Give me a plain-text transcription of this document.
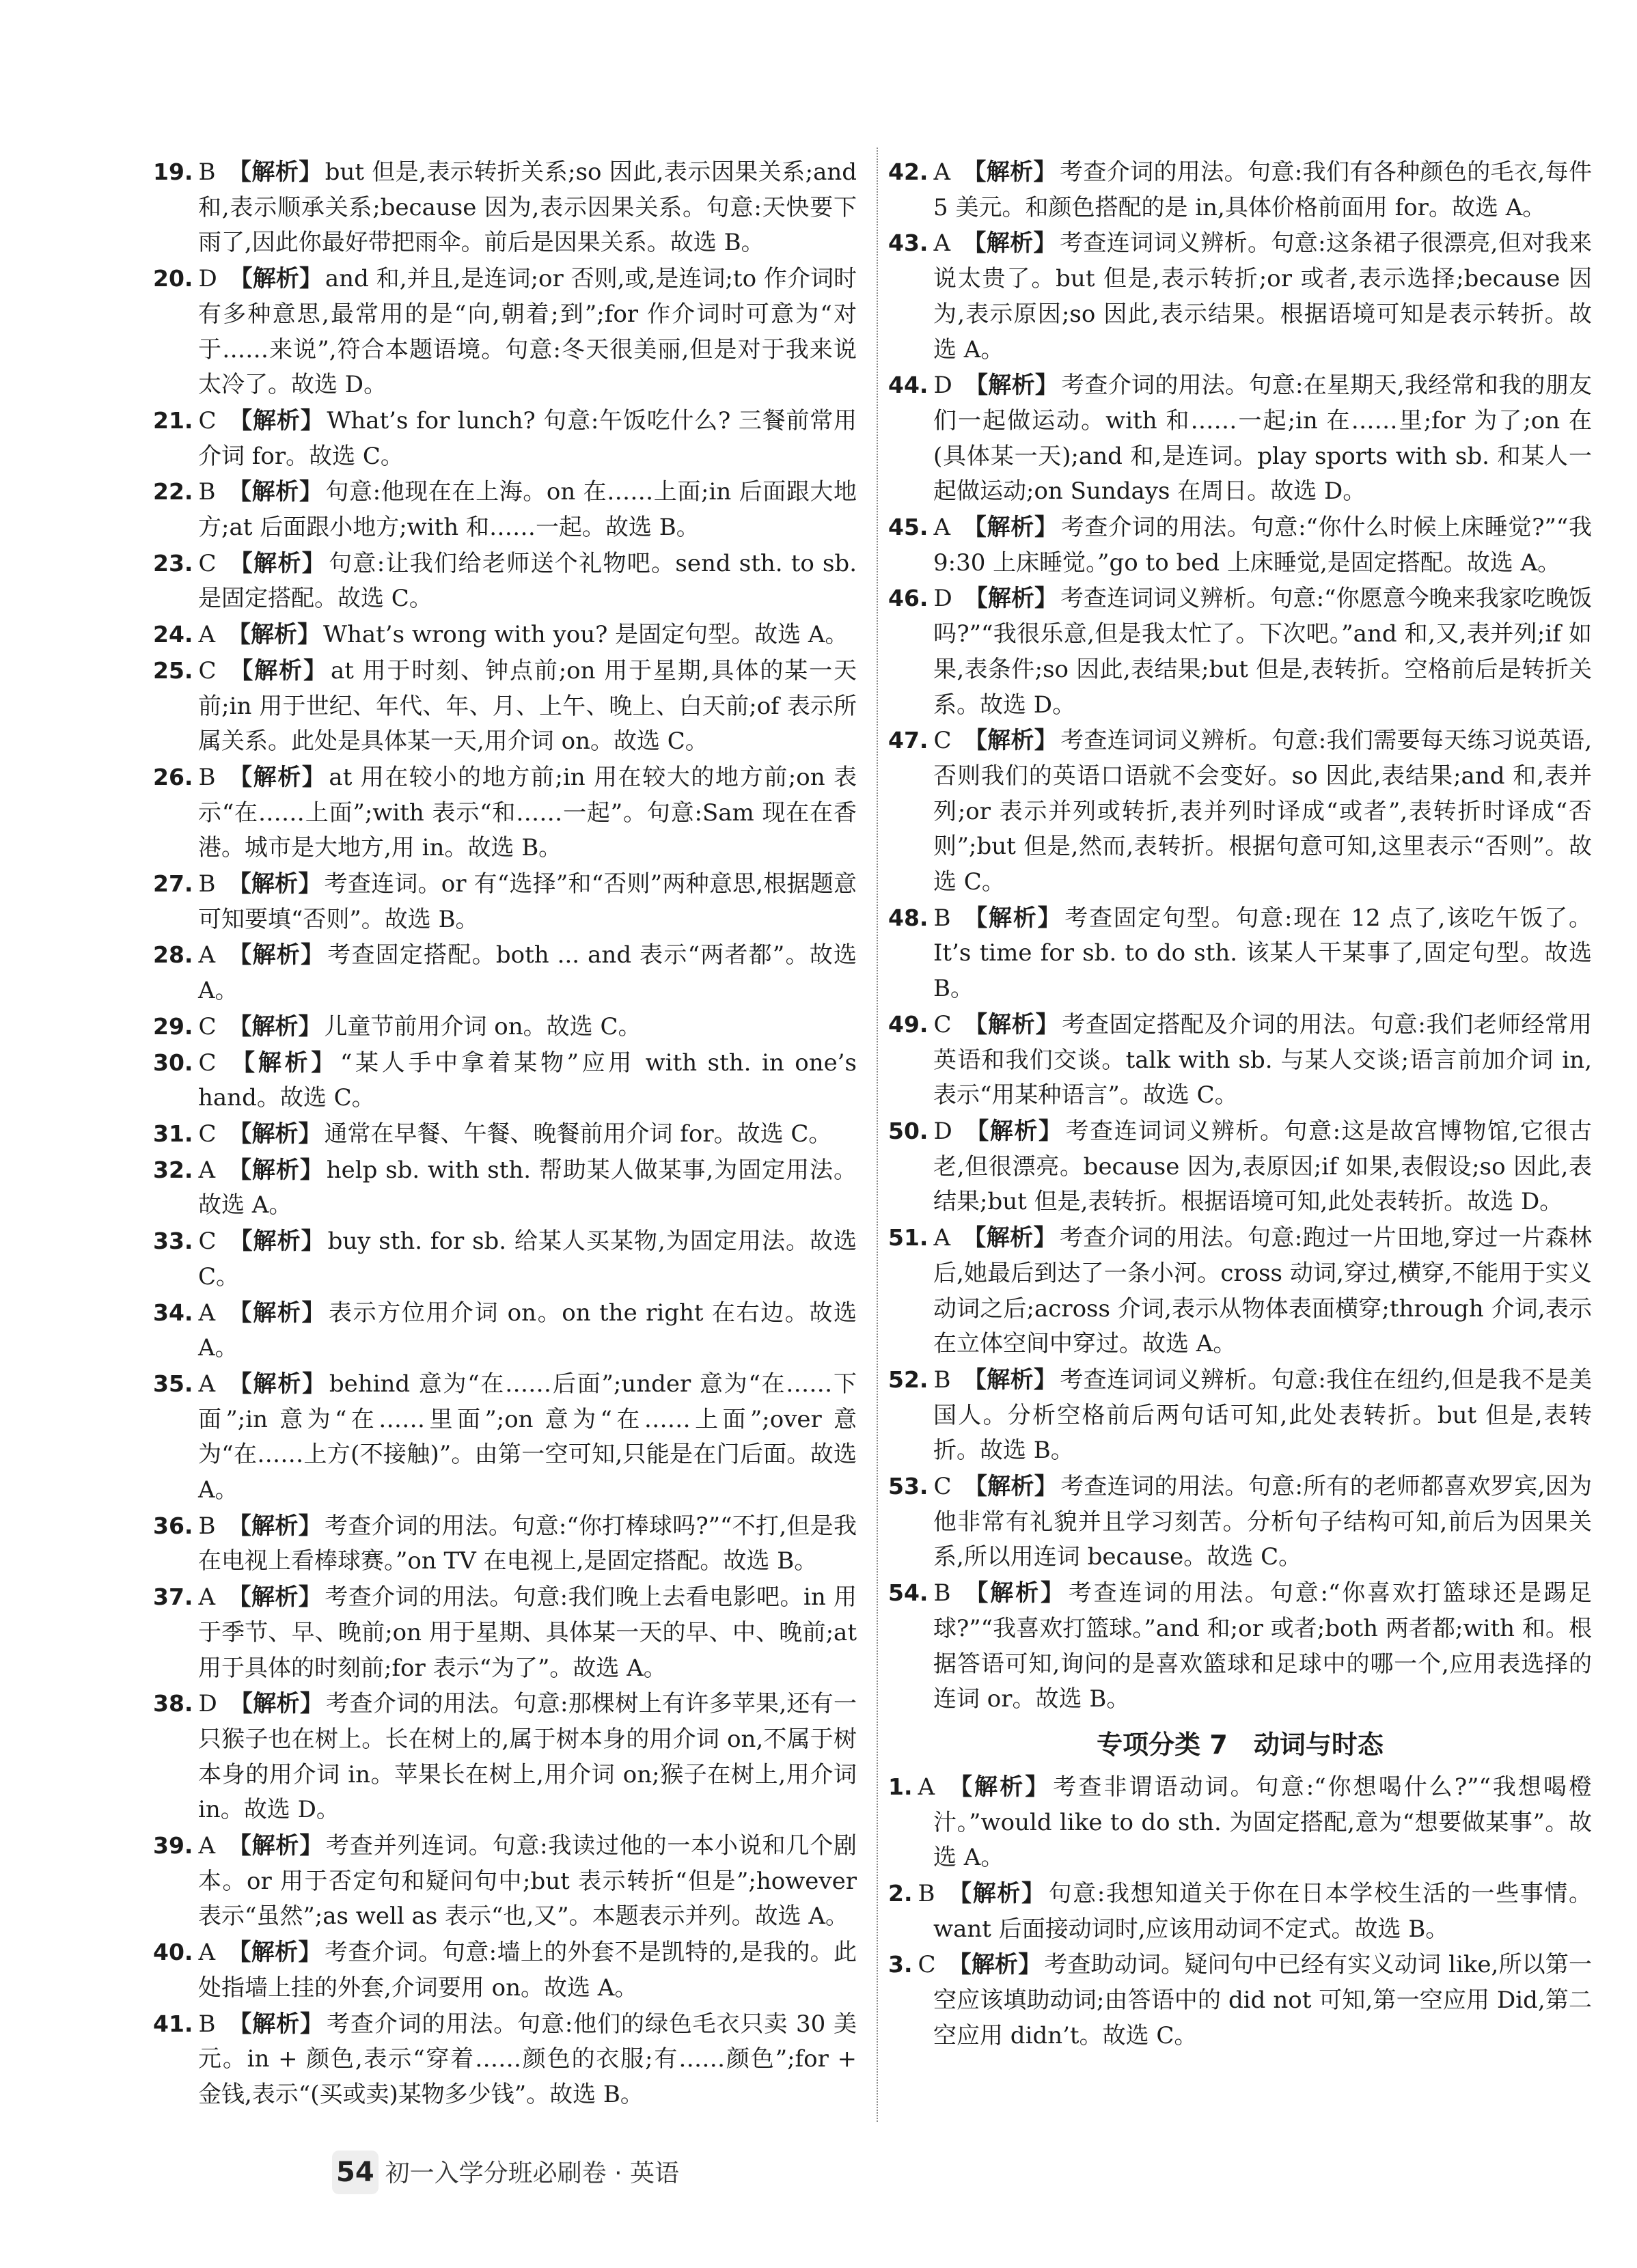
19. B 【解析】 but 但是,表示转折关系;so 因此,表示因果关系;and 和,表示顺承关系;because 因为,表示因果关系。句意:天快要下雨了,因此你最好带把雨伞。前后是因果关系。故选 B。

20. D 【解析】 and 和,并且,是连词;or 否则,或,是连词;to 作介词时有多种意思,最常用的是“向,朝着;到”;for 作介词时可意为“对于……来说”,符合本题语境。句意:冬天很美丽,但是对于我来说太冷了。故选 D。

21. C 【解析】 What’s for lunch? 句意:午饭吃什么? 三餐前常用介词 for。故选 C。

22. B 【解析】 句意:他现在在上海。on 在……上面;in 后面跟大地方;at 后面跟小地方;with 和……一起。故选 B。

23. C 【解析】 句意:让我们给老师送个礼物吧。send sth. to sb. 是固定搭配。故选 C。

24. A 【解析】 What’s wrong with you? 是固定句型。故选 A。

25. C 【解析】 at 用于时刻、钟点前;on 用于星期,具体的某一天前;in 用于世纪、年代、年、月、上午、晚上、白天前;of 表示所属关系。此处是具体某一天,用介词 on。故选 C。

26. B 【解析】 at 用在较小的地方前;in 用在较大的地方前;on 表示“在……上面”;with 表示“和……一起”。句意:Sam 现在在香港。城市是大地方,用 in。故选 B。

27. B 【解析】 考查连词。or 有“选择”和“否则”两种意思,根据题意可知要填“否则”。故选 B。

28. A 【解析】 考查固定搭配。both ... and 表示“两者都”。故选 A。

29. C 【解析】 儿童节前用介词 on。故选 C。

30. C 【解析】 “某人手中拿着某物”应用 with sth. in one’s hand。故选 C。

31. C 【解析】 通常在早餐、午餐、晚餐前用介词 for。故选 C。

32. A 【解析】 help sb. with sth. 帮助某人做某事,为固定用法。故选 A。

33. C 【解析】 buy sth. for sb. 给某人买某物,为固定用法。故选 C。

34. A 【解析】 表示方位用介词 on。on the right 在右边。故选 A。

35. A 【解析】 behind 意为“在……后面”;under 意为“在……下面”;in 意为“在……里面”;on 意为“在……上面”;over 意为“在……上方(不接触)”。由第一空可知,只能是在门后面。故选 A。

36. B 【解析】 考查介词的用法。句意:“你打棒球吗?”“不打,但是我在电视上看棒球赛。”on TV 在电视上,是固定搭配。故选 B。

37. A 【解析】 考查介词的用法。句意:我们晚上去看电影吧。in 用于季节、早、晚前;on 用于星期、具体某一天的早、中、晚前;at 用于具体的时刻前;for 表示“为了”。故选 A。

38. D 【解析】 考查介词的用法。句意:那棵树上有许多苹果,还有一只猴子也在树上。长在树上的,属于树本身的用介词 on,不属于树本身的用介词 in。苹果长在树上,用介词 on;猴子在树上,用介词 in。故选 D。

39. A 【解析】 考查并列连词。句意:我读过他的一本小说和几个剧本。or 用于否定句和疑问句中;but 表示转折“但是”;however 表示“虽然”;as well as 表示“也,又”。本题表示并列。故选 A。

40. A 【解析】 考查介词。句意:墙上的外套不是凯特的,是我的。此处指墙上挂的外套,介词要用 on。故选 A。

41. B 【解析】 考查介词的用法。句意:他们的绿色毛衣只卖 30 美元。in + 颜色,表示“穿着……颜色的衣服;有……颜色”;for + 金钱,表示“(买或卖)某物多少钱”。故选 B。

42. A 【解析】 考查介词的用法。句意:我们有各种颜色的毛衣,每件 5 美元。和颜色搭配的是 in,具体价格前面用 for。故选 A。

43. A 【解析】 考查连词词义辨析。句意:这条裙子很漂亮,但对我来说太贵了。but 但是,表示转折;or 或者,表示选择;because 因为,表示原因;so 因此,表示结果。根据语境可知是表示转折。故选 A。

44. D 【解析】 考查介词的用法。句意:在星期天,我经常和我的朋友们一起做运动。with 和……一起;in 在……里;for 为了;on 在(具体某一天);and 和,是连词。play sports with sb. 和某人一起做运动;on Sundays 在周日。故选 D。

45. A 【解析】 考查介词的用法。句意:“你什么时候上床睡觉?”“我 9:30 上床睡觉。”go to bed 上床睡觉,是固定搭配。故选 A。

46. D 【解析】 考查连词词义辨析。句意:“你愿意今晚来我家吃晚饭吗?”“我很乐意,但是我太忙了。下次吧。”and 和,又,表并列;if 如果,表条件;so 因此,表结果;but 但是,表转折。空格前后是转折关系。故选 D。

47. C 【解析】 考查连词词义辨析。句意:我们需要每天练习说英语,否则我们的英语口语就不会变好。so 因此,表结果;and 和,表并列;or 表示并列或转折,表并列时译成“或者”,表转折时译成“否则”;but 但是,然而,表转折。根据句意可知,这里表示“否则”。故选 C。

48. B 【解析】 考查固定句型。句意:现在 12 点了,该吃午饭了。It’s time for sb. to do sth. 该某人干某事了,固定句型。故选 B。

49. C 【解析】 考查固定搭配及介词的用法。句意:我们老师经常用英语和我们交谈。talk with sb. 与某人交谈;语言前加介词 in,表示“用某种语言”。故选 C。

50. D 【解析】 考查连词词义辨析。句意:这是故宫博物馆,它很古老,但很漂亮。because 因为,表原因;if 如果,表假设;so 因此,表结果;but 但是,表转折。根据语境可知,此处表转折。故选 D。

51. A 【解析】 考查介词的用法。句意:跑过一片田地,穿过一片森林后,她最后到达了一条小河。cross 动词,穿过,横穿,不能用于实义动词之后;across 介词,表示从物体表面横穿;through 介词,表示在立体空间中穿过。故选 A。

52. B 【解析】 考查连词词义辨析。句意:我住在纽约,但是我不是美国人。分析空格前后两句话可知,此处表转折。but 但是,表转折。故选 B。

53. C 【解析】 考查连词的用法。句意:所有的老师都喜欢罗宾,因为他非常有礼貌并且学习刻苦。分析句子结构可知,前后为因果关系,所以用连词 because。故选 C。

54. B 【解析】 考查连词的用法。句意:“你喜欢打篮球还是踢足球?”“我喜欢打篮球。”and 和;or 或者;both 两者都;with 和。根据答语可知,询问的是喜欢篮球和足球中的哪一个,应用表选择的连词 or。故选 B。

专项分类 7　动词与时态

1. A 【解析】 考查非谓语动词。句意:“你想喝什么?”“我想喝橙汁。”would like to do sth. 为固定搭配,意为“想要做某事”。故选 A。

2. B 【解析】 句意:我想知道关于你在日本学校生活的一些事情。want 后面接动词时,应该用动词不定式。故选 B。

3. C 【解析】 考查助动词。疑问句中已经有实义动词 like,所以第一空应该填助动词;由答语中的 did not 可知,第一空应用 Did,第二空应用 didn’t。故选 C。

54 初一入学分班必刷卷 · 英语
